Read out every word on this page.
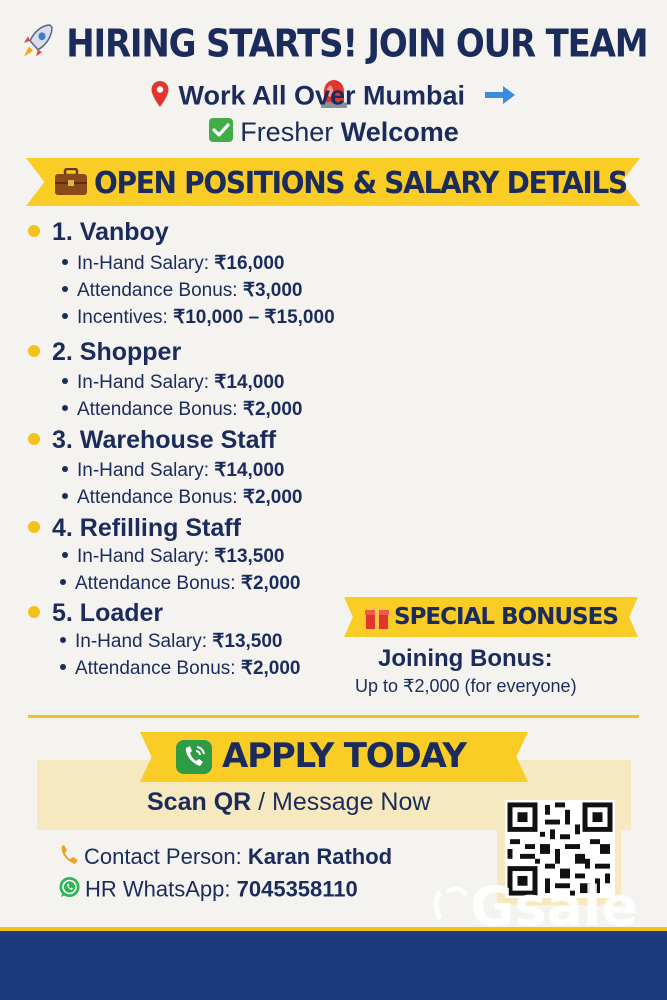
HIRING STARTS! JOIN OUR TEAM
Work All Over Mumbai
Fresher Welcome
OPEN POSITIONS & SALARY DETAILS
1. Vanboy
In-Hand Salary: ₹16,000
Attendance Bonus: ₹3,000
Incentives: ₹10,000 – ₹15,000
2. Shopper
In-Hand Salary: ₹14,000
Attendance Bonus: ₹2,000
3. Warehouse Staff
In-Hand Salary: ₹14,000
Attendance Bonus: ₹2,000
4. Refilling Staff
In-Hand Salary: ₹13,500
Attendance Bonus: ₹2,000
5. Loader
In-Hand Salary: ₹13,500
Attendance Bonus: ₹2,000
SPECIAL BONUSES
Joining Bonus:
Up to ₹2,000 (for everyone)
APPLY TODAY
Scan QR / Message Now
Contact Person: Karan Rathod
HR WhatsApp: 7045358110	Gsale
